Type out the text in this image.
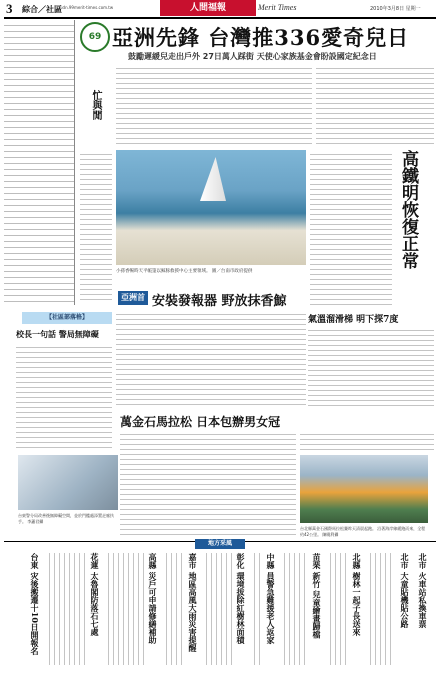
3 綜合／社區
udn.99merit-times.com.tw	人間福報	Merit Times	2010年3月8日 星期一
69
忙與閒
亞洲先鋒 台灣推336愛奇兒日
鼓勵遲緩兒走出戶外 27日萬人踩街 天使心家族基金會盼設國定紀念日
小孫香暢時天平帳篷以鯨豚救援中心主要領域。 圖／台南市政府提供
高鐵明恢復正常
亞洲首 安裝發報器 野放抹香鯨
氣溫溜滑梯 明下探7度
【社區部落格】
校長一句話 警局無障礙
萬金石馬拉松 日本包辦男女冠
台東警分局改善後無障礙空間，並於門檻處添置走廊扶手。 李蕙君攝
台北縣萬金石國際馬拉松賽昨天清晨起跑。 沿著海岸線緩跑而來，全程約42公里。 陳曉利攝
地方采風
台東 灾後搬遷十10日開報名	花蓮 太魯閣防落石七處	高縣 災戶可申請修繕補助	嘉市 地區高風大雨災害提醒	彰化 環境拔除紅樹林面積	中縣 員警急難援老人返家	苗栗 新竹 兒童繪畫歸檔	北縣 樹林一起子長送來	北市 大童貼機貼公路 北市 火車站私換車票
